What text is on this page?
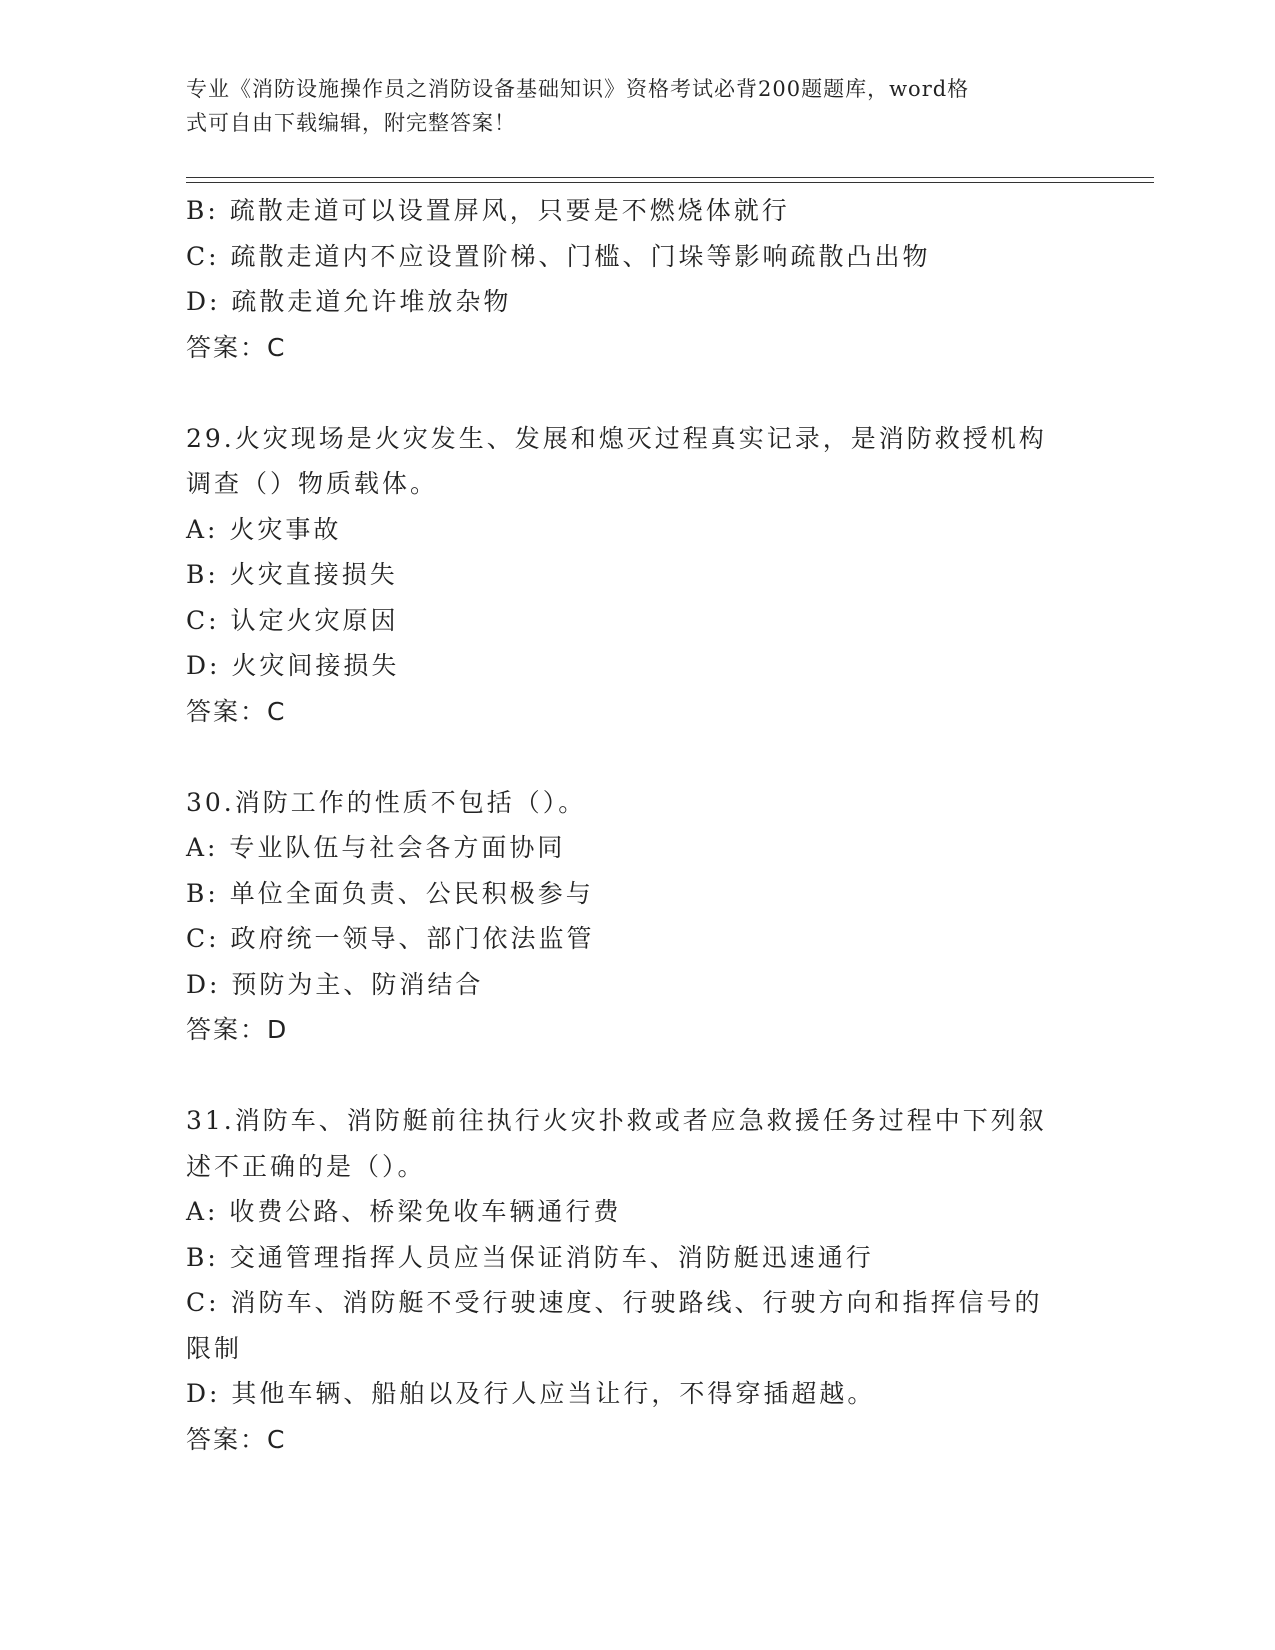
专业《消防设施操作员之消防设备基础知识》资格考试必背200题题库，word格
式可自由下载编辑，附完整答案！

B: 疏散走道可以设置屏风，只要是不燃烧体就行

C: 疏散走道内不应设置阶梯、门槛、门垛等影响疏散凸出物

D: 疏散走道允许堆放杂物

答案：C

29.火灾现场是火灾发生、发展和熄灭过程真实记录，是消防救授机构

调查（）物质载体。

A: 火灾事故

B: 火灾直接损失

C: 认定火灾原因

D: 火灾间接损失

答案：C

30.消防工作的性质不包括（）。

A: 专业队伍与社会各方面协同

B: 单位全面负责、公民积极参与

C: 政府统一领导、部门依法监管

D: 预防为主、防消结合

答案：D

31.消防车、消防艇前往执行火灾扑救或者应急救援任务过程中下列叙

述不正确的是（）。

A: 收费公路、桥梁免收车辆通行费

B: 交通管理指挥人员应当保证消防车、消防艇迅速通行

C: 消防车、消防艇不受行驶速度、行驶路线、行驶方向和指挥信号的

限制

D: 其他车辆、船舶以及行人应当让行，不得穿插超越。

答案：C
